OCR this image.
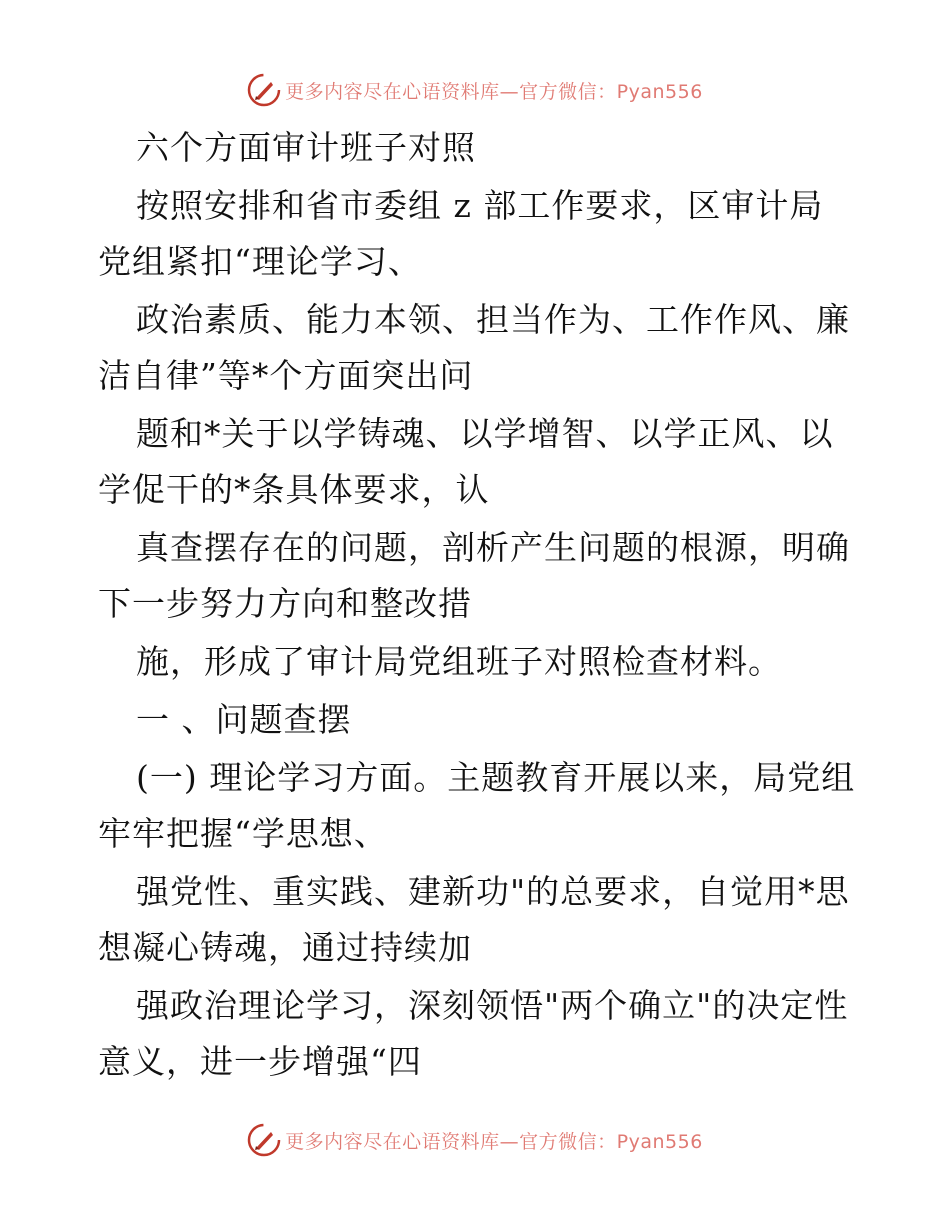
更多内容尽在心语资料库—官方微信：Pyan556
六个方面审计班子对照
按照安排和省市委组 z 部工作要求，区审计局
党组紧扣“理论学习、
政治素质、能力本领、担当作为、工作作风、廉
洁自律”等*个方面突出问
题和*关于以学铸魂、以学增智、以学正风、以
学促干的*条具体要求，认
真查摆存在的问题，剖析产生问题的根源，明确
下一步努力方向和整改措
施，形成了审计局党组班子对照检查材料。
一 、问题查摆
(一) 理论学习方面。主题教育开展以来，局党组
牢牢把握“学思想、
强党性、重实践、建新功"的总要求，自觉用*思
想凝心铸魂，通过持续加
强政治理论学习，深刻领悟"两个确立"的决定性
意义，进一步增强“四
更多内容尽在心语资料库—官方微信：Pyan556
